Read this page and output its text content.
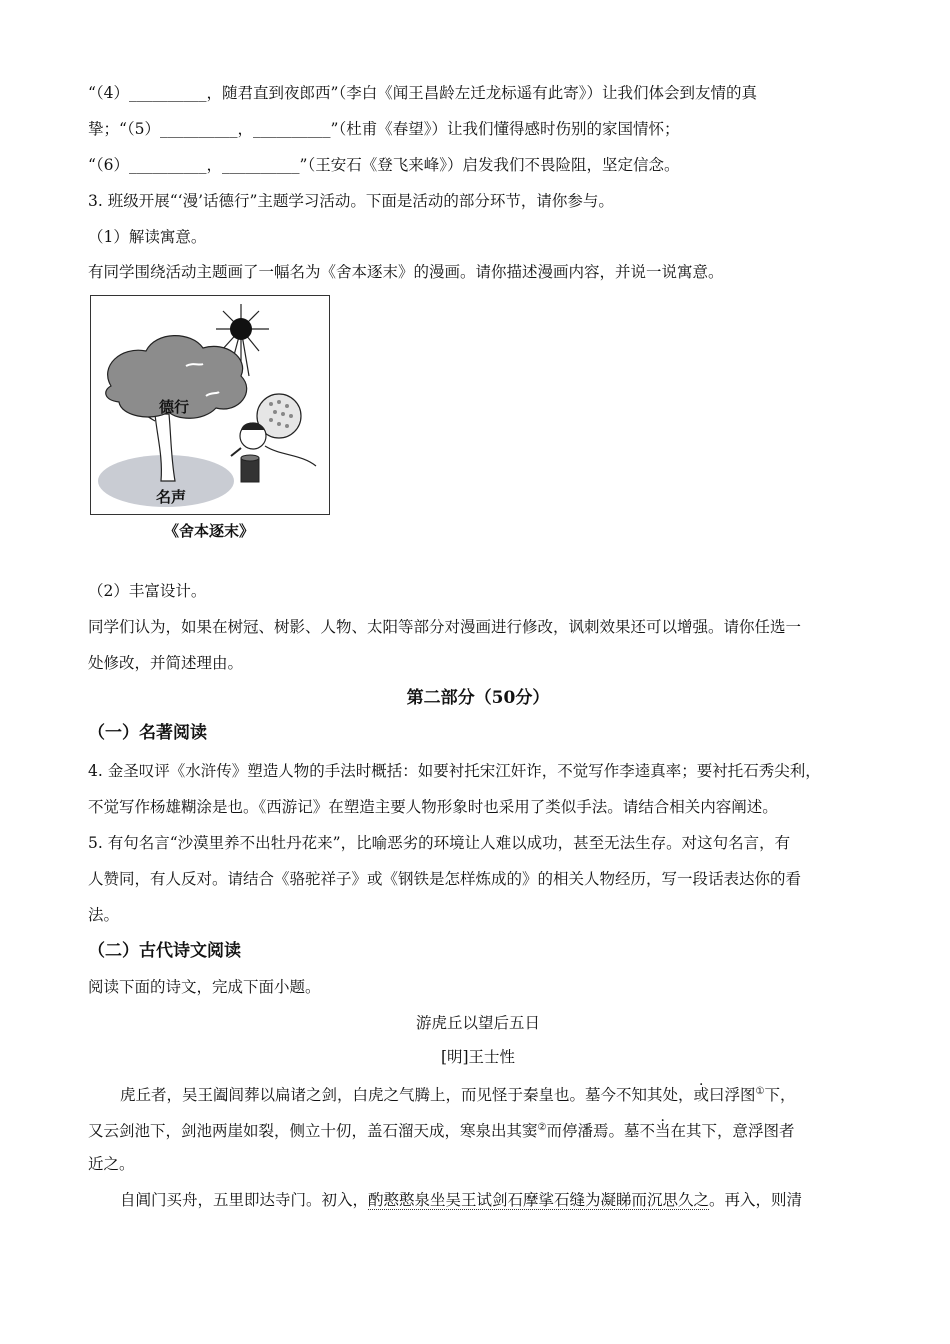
“（4）__________，随君直到夜郎西”（李白《闻王昌龄左迁龙标遥有此寄》）让我们体会到友情的真
挚；“（5）__________，__________”（杜甫《春望》）让我们懂得感时伤别的家国情怀；
“（6）__________，__________”（王安石《登飞来峰》）启发我们不畏险阻，坚定信念。
3. 班级开展“‘漫’话德行”主题学习活动。下面是活动的部分环节，请你参与。
（1）解读寓意。
有同学围绕活动主题画了一幅名为《舍本逐末》的漫画。请你描述漫画内容，并说一说寓意。
德行
名声
《舍本逐末》
（2）丰富设计。
同学们认为，如果在树冠、树影、人物、太阳等部分对漫画进行修改，讽刺效果还可以增强。请你任选一
处修改，并简述理由。
第二部分（50分）
（一）名著阅读
4. 金圣叹评《水浒传》塑造人物的手法时概括：如要衬托宋江奸诈，不觉写作李逵真率；要衬托石秀尖利，
不觉写作杨雄糊涂是也。《西游记》在塑造主要人物形象时也采用了类似手法。请结合相关内容阐述。
5. 有句名言“沙漠里养不出牡丹花来”，比喻恶劣的环境让人难以成功，甚至无法生存。对这句名言，有
人赞同，有人反对。请结合《骆驼祥子》或《钢铁是怎样炼成的》的相关人物经历，写一段话表达你的看
法。
（二）古代诗文阅读
阅读下面的诗文，完成下面小题。
游虎丘以望后五日
[明]王士性
虎丘者，吴王阖闾葬以扁诸之剑，白虎之气腾上，而见怪于秦皇也。墓今不知其处，或曰浮图①下，
又云剑池下，剑池两崖如裂，侧立十仞，盖石溜天成，寒泉出其窦②而停潘焉。墓不当在其下，意浮图者
近之。
自阊门买舟，五里即达寺门。初入，酌憨憨泉坐吴王试剑石摩挲石缝为凝睇而沉思久之。再入，则清
